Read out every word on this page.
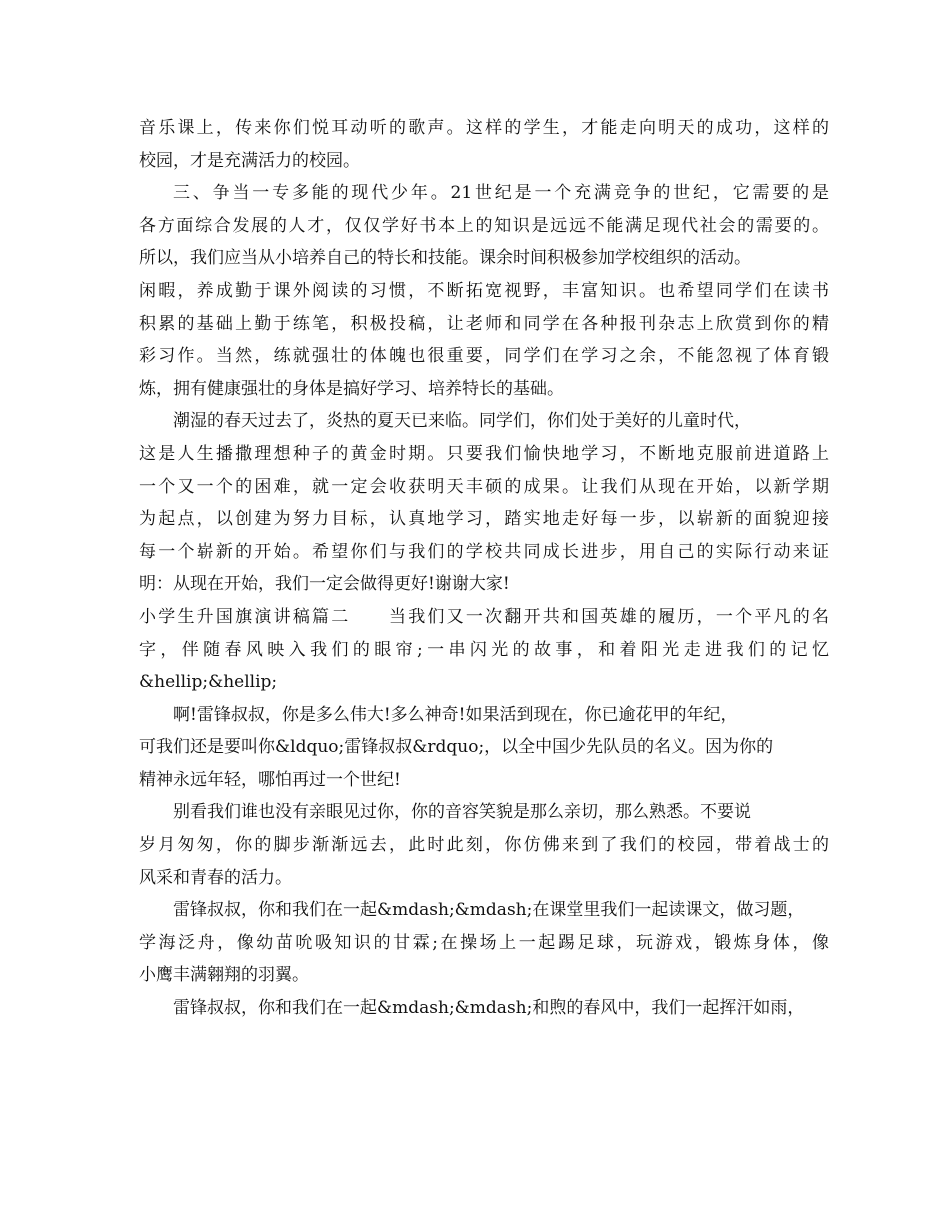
音乐课上，传来你们悦耳动听的歌声。这样的学生，才能走向明天的成功，这样的
校园，才是充满活力的校园。
三、争当一专多能的现代少年。21世纪是一个充满竞争的世纪，它需要的是
各方面综合发展的人才，仅仅学好书本上的知识是远远不能满足现代社会的需要的。
所以，我们应当从小培养自己的特长和技能。课余时间积极参加学校组织的活动。
闲暇，养成勤于课外阅读的习惯，不断拓宽视野，丰富知识。也希望同学们在读书
积累的基础上勤于练笔，积极投稿，让老师和同学在各种报刊杂志上欣赏到你的精
彩习作。当然，练就强壮的体魄也很重要，同学们在学习之余，不能忽视了体育锻
炼，拥有健康强壮的身体是搞好学习、培养特长的基础。
潮湿的春天过去了，炎热的夏天已来临。同学们，你们处于美好的儿童时代，
这是人生播撒理想种子的黄金时期。只要我们愉快地学习，不断地克服前进道路上
一个又一个的困难，就一定会收获明天丰硕的成果。让我们从现在开始，以新学期
为起点，以创建为努力目标，认真地学习，踏实地走好每一步，以崭新的面貌迎接
每一个崭新的开始。希望你们与我们的学校共同成长进步，用自己的实际行动来证
明：从现在开始，我们一定会做得更好!谢谢大家!
小学生升国旗演讲稿篇二　　当我们又一次翻开共和国英雄的履历，一个平凡的名
字，伴随春风映入我们的眼帘;一串闪光的故事，和着阳光走进我们的记忆
&hellip;&hellip;
啊!雷锋叔叔，你是多么伟大!多么神奇!如果活到现在，你已逾花甲的年纪，
可我们还是要叫你&ldquo;雷锋叔叔&rdquo;，以全中国少先队员的名义。因为你的
精神永远年轻，哪怕再过一个世纪!
别看我们谁也没有亲眼见过你，你的音容笑貌是那么亲切，那么熟悉。不要说
岁月匆匆，你的脚步渐渐远去，此时此刻，你仿佛来到了我们的校园，带着战士的
风采和青春的活力。
雷锋叔叔，你和我们在一起&mdash;&mdash;在课堂里我们一起读课文，做习题，
学海泛舟，像幼苗吮吸知识的甘霖;在操场上一起踢足球，玩游戏，锻炼身体，像
小鹰丰满翱翔的羽翼。
雷锋叔叔，你和我们在一起&mdash;&mdash;和煦的春风中，我们一起挥汗如雨，
